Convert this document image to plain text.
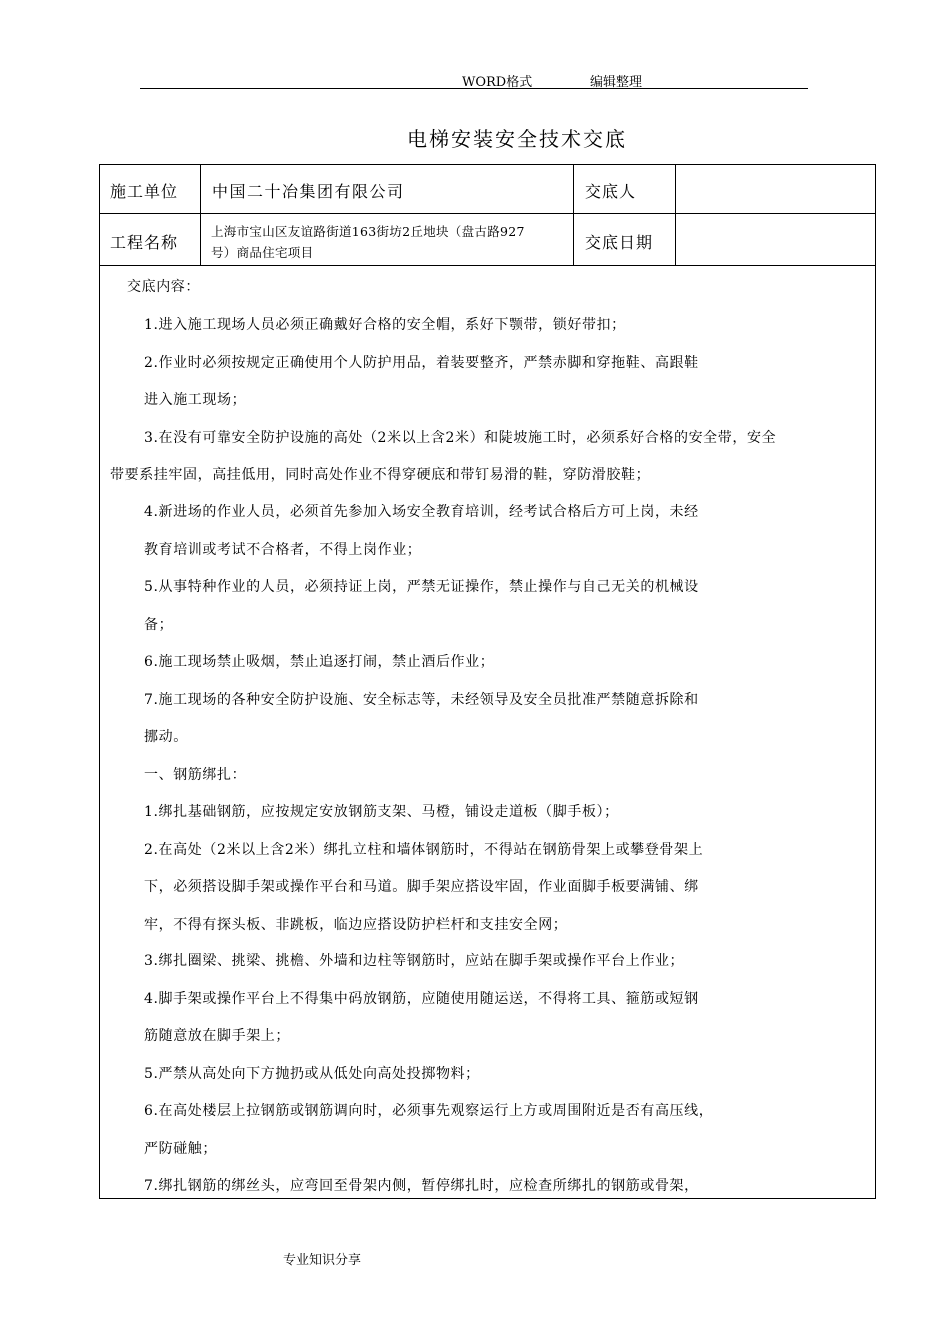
WORD格式	编辑整理
电梯安装安全技术交底
施工单位 中国二十冶集团有限公司	交底人
工程名称
上海市宝山区友谊路街道163街坊2丘地块（盘古路927
号）商品住宅项目
交底日期
交底内容：
1.进入施工现场人员必须正确戴好合格的安全帽，系好下颚带，锁好带扣；
2.作业时必须按规定正确使用个人防护用品，着装要整齐，严禁赤脚和穿拖鞋、高跟鞋
进入施工现场；
3.在没有可靠安全防护设施的高处（2米以上含2米）和陡坡施工时，必须系好合格的安全带，安全
带要系挂牢固，高挂低用，同时高处作业不得穿硬底和带钉易滑的鞋，穿防滑胶鞋；
4.新进场的作业人员，必须首先参加入场安全教育培训，经考试合格后方可上岗，未经
教育培训或考试不合格者，不得上岗作业；
5.从事特种作业的人员，必须持证上岗，严禁无证操作，禁止操作与自己无关的机械设
备；
6.施工现场禁止吸烟，禁止追逐打闹，禁止酒后作业；
7.施工现场的各种安全防护设施、安全标志等，未经领导及安全员批准严禁随意拆除和
挪动。
一、钢筋绑扎：
1.绑扎基础钢筋，应按规定安放钢筋支架、马橙，铺设走道板（脚手板）；
2.在高处（2米以上含2米）绑扎立柱和墙体钢筋时，不得站在钢筋骨架上或攀登骨架上
下，必须搭设脚手架或操作平台和马道。脚手架应搭设牢固，作业面脚手板要满铺、绑
牢，不得有探头板、非跳板，临边应搭设防护栏杆和支挂安全网；
3.绑扎圈梁、挑梁、挑檐、外墙和边柱等钢筋时，应站在脚手架或操作平台上作业；
4.脚手架或操作平台上不得集中码放钢筋，应随使用随运送，不得将工具、箍筋或短钢
筋随意放在脚手架上；
5.严禁从高处向下方抛扔或从低处向高处投掷物料；
6.在高处楼层上拉钢筋或钢筋调向时，必须事先观察运行上方或周围附近是否有高压线，
严防碰触；
7.绑扎钢筋的绑丝头，应弯回至骨架内侧，暂停绑扎时，应检查所绑扎的钢筋或骨架，
专业知识分享
